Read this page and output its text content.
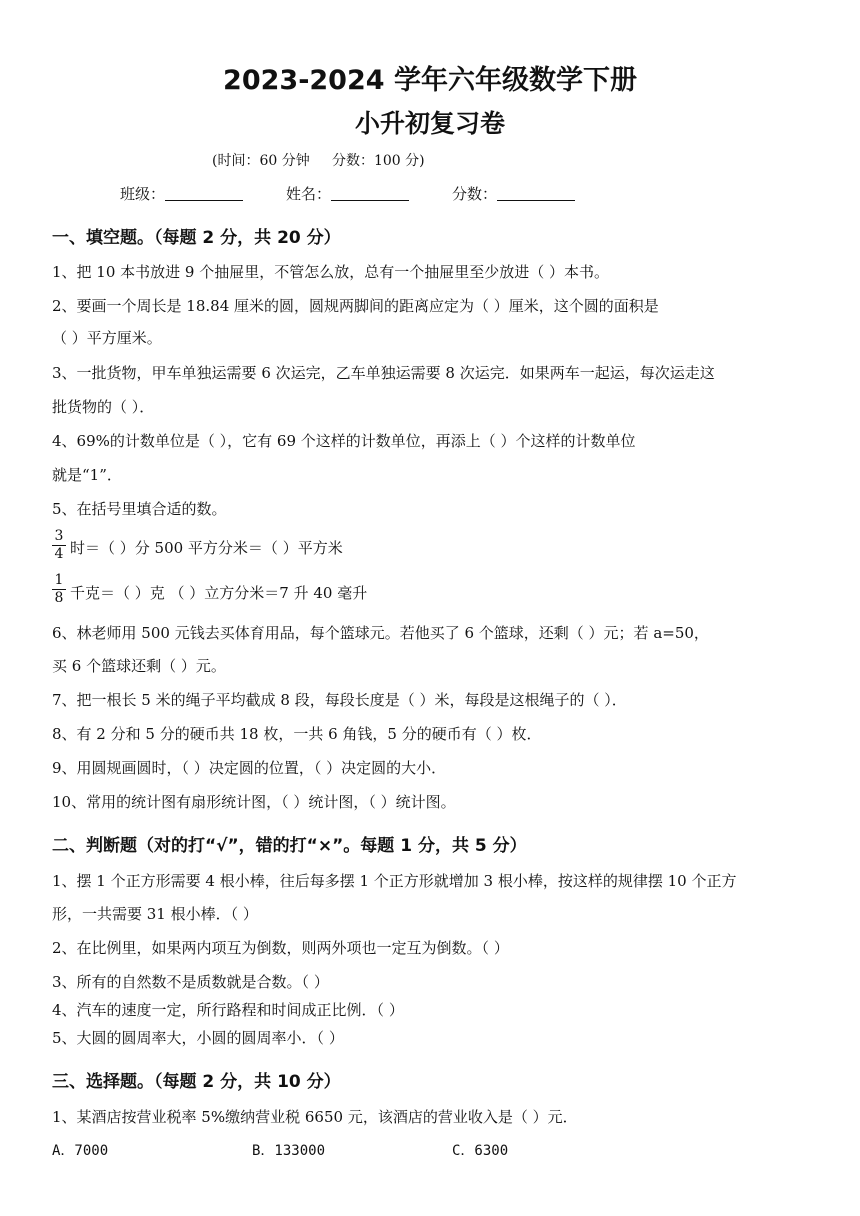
2023-2024 学年六年级数学下册
小升初复习卷
(时间：60 分钟     分数：100 分)
班级：	姓名：	分数：
一、填空题。（每题 2 分，共 20 分）
1、把 10 本书放进 9 个抽屉里，不管怎么放，总有一个抽屉里至少放进（ ）本书。
2、要画一个周长是 18.84 厘米的圆，圆规两脚间的距离应定为（ ）厘米，这个圆的面积是
（ ）平方厘米。
3、一批货物，甲车单独运需要 6 次运完，乙车单独运需要 8 次运完．如果两车一起运，每次运走这
批货物的（ ）．
4、69%的计数单位是（ ），它有 69 个这样的计数单位，再添上（ ）个这样的计数单位
就是“1”．
5、在括号里填合适的数。
3
4 时＝（ ）分 500 平方分米＝（ ）平方米
1
8 千克＝（ ）克 （ ）立方分米＝7 升 40 毫升
6、林老师用 500 元钱去买体育用品，每个篮球元。若他买了 6 个篮球，还剩（ ）元；若 a=50，
买 6 个篮球还剩（ ）元。
7、把一根长 5 米的绳子平均截成 8 段，每段长度是（ ）米，每段是这根绳子的（ ）．
8、有 2 分和 5 分的硬币共 18 枚，一共 6 角钱，5 分的硬币有（ ）枚．
9、用圆规画圆时，（ ）决定圆的位置，（ ）决定圆的大小．
10、常用的统计图有扇形统计图，（ ）统计图，（ ）统计图。
二、判断题（对的打“√”，错的打“×”。每题 1 分，共 5 分）
1、摆 1 个正方形需要 4 根小棒，往后每多摆 1 个正方形就增加 3 根小棒，按这样的规律摆 10 个正方
形，一共需要 31 根小棒．（ ）
2、在比例里，如果两内项互为倒数，则两外项也一定互为倒数。（ ）
3、所有的自然数不是质数就是合数。（ ）
4、汽车的速度一定，所行路程和时间成正比例．（ ）
5、大圆的圆周率大，小圆的圆周率小．（ ）
三、选择题。（每题 2 分，共 10 分）
1、某酒店按营业税率 5%缴纳营业税 6650 元，该酒店的营业收入是（ ）元．
A．7000	B．133000	C．6300
